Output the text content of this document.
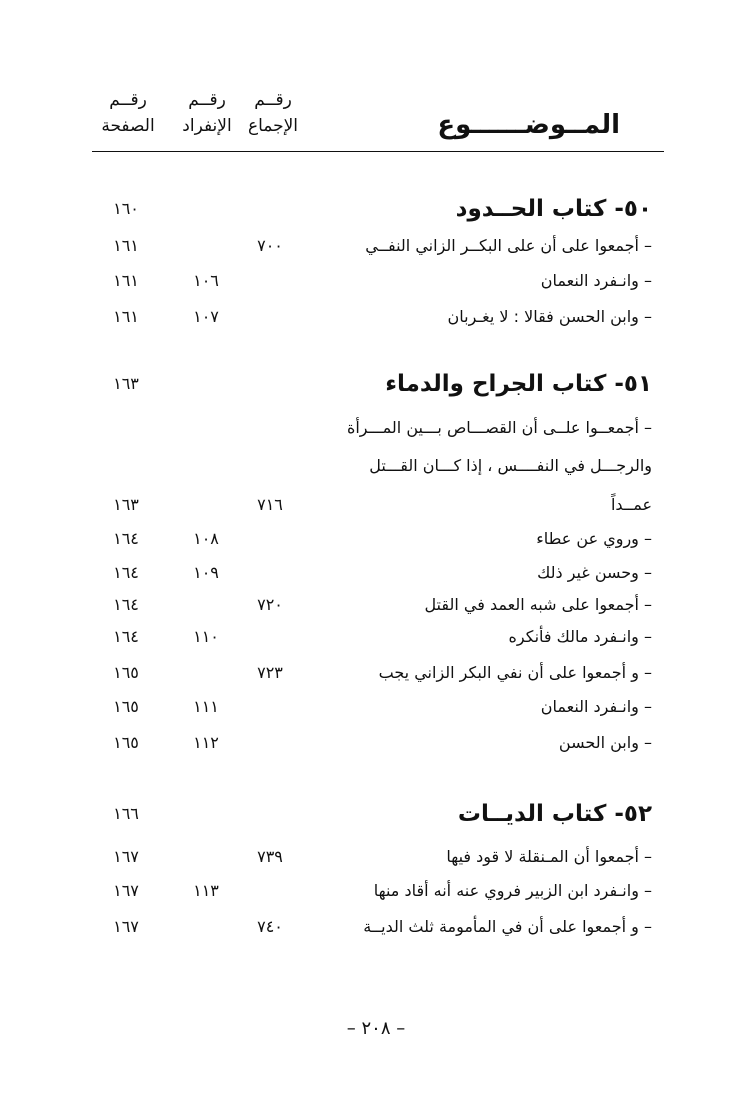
رقــم
الإجماع
رقــم
الإنفراد
رقــم
الصفحة	المــوضــــــوع
٥٠- كتاب الحــدود
١٦٠
– أجمعوا على أن على البكــر الزاني النفــي
٧٠٠
١٦١
– وانـفرد النعمان
١٠٦
١٦١
– وابن الحسن فقالا : لا يغـربان
١٠٧
١٦١
٥١- كتاب الجراح والدماء
١٦٣
– أجمعــوا علــى أن القصـــاص بـــين المـــرأة
والرجـــل في النفــــس ، إذا كـــان القـــتل
عمــداً
٧١٦
١٦٣
– وروي عن عطاء
١٠٨
١٦٤
– وحسن غير ذلك
١٠٩
١٦٤
– أجمعوا على شبه العمد في القتل
٧٢٠
١٦٤
– وانـفرد مالك فأنكره
١١٠
١٦٤
– و أجمعوا على أن نفي البكر الزاني يجب
٧٢٣
١٦٥
– وانـفرد النعمان
١١١
١٦٥
– وابن الحسن
١١٢
١٦٥
٥٢- كتاب الديــات
١٦٦
– أجمعوا أن المـنقلة لا قود فيها
٧٣٩
١٦٧
– وانـفرد ابن الزبير فروي عنه أنه أقاد منها
١١٣
١٦٧
– و أجمعوا على أن في المأمومة ثلث الديــة
٧٤٠
١٦٧
– ٢٠٨ –
